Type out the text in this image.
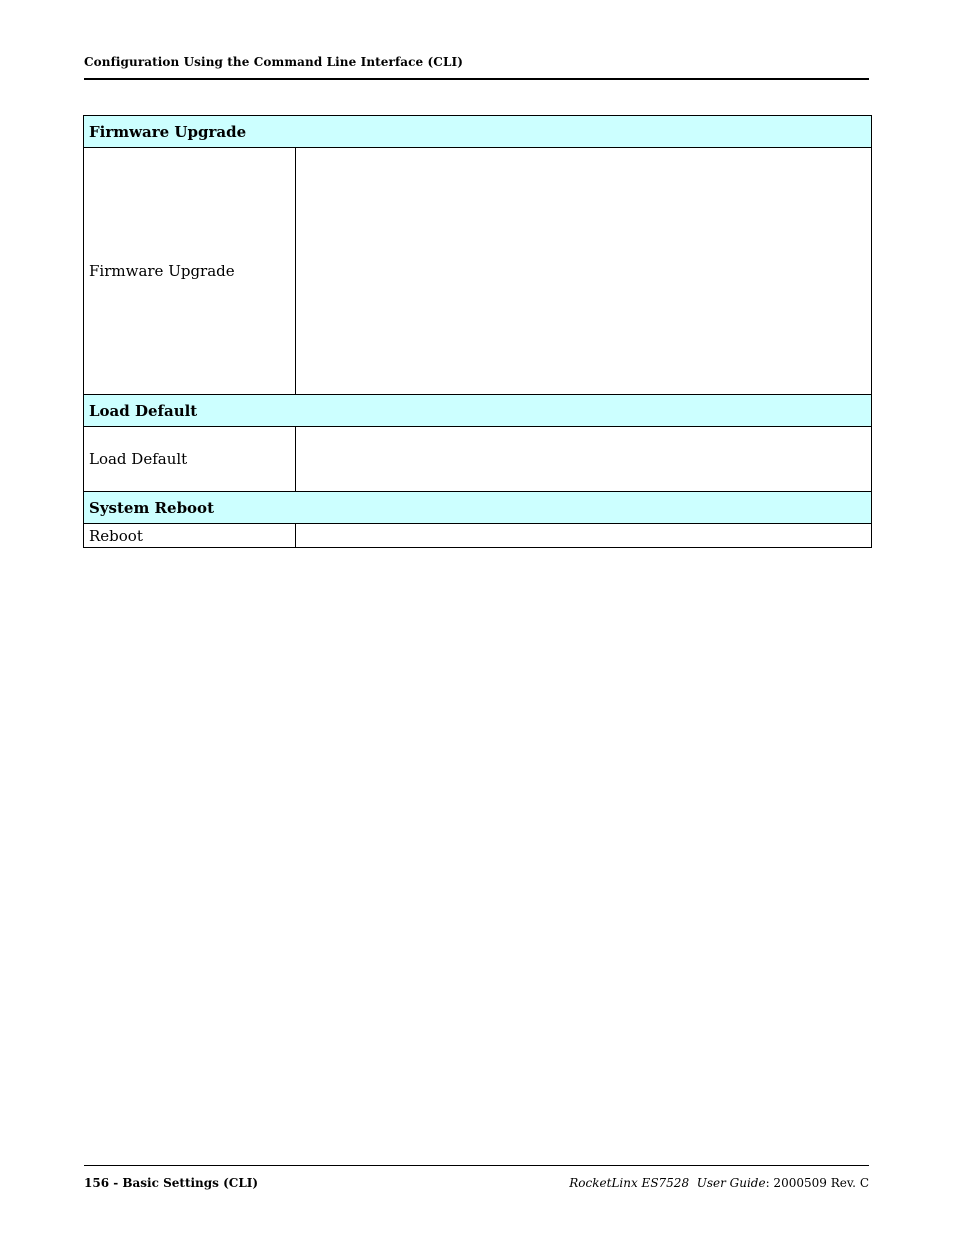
Configuration Using the Command Line Interface (CLI)
Firmware Upgrade	
Firmware Upgrade	
Load Default	
Load Default	
System Reboot	
Reboot	
156 - Basic Settings (CLI)	RocketLinx ES7528 User Guide: 2000509 Rev. C
